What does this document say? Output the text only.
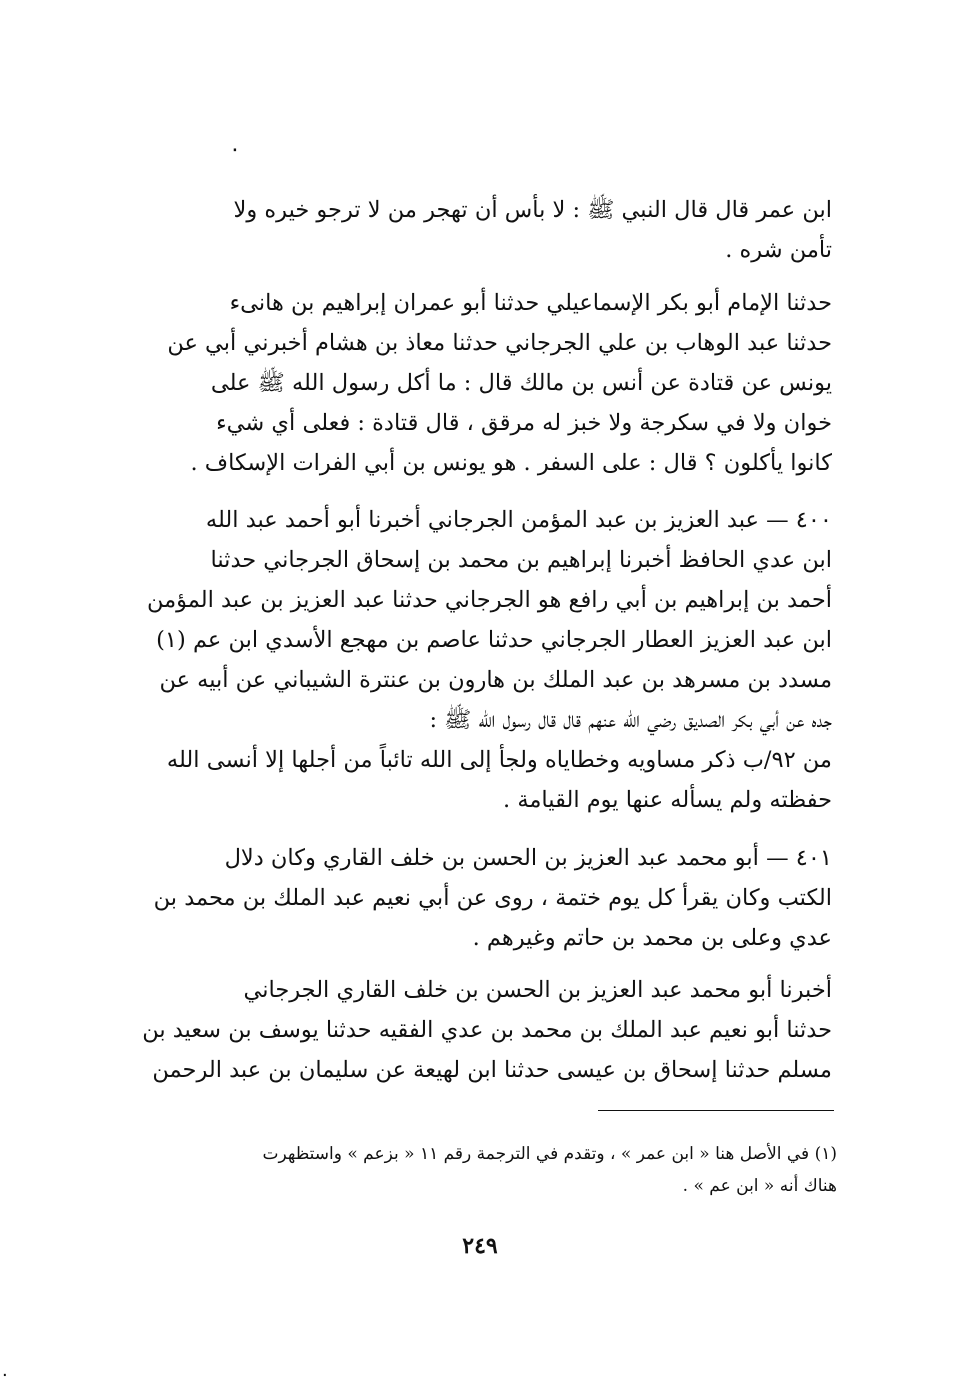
٠
ابن عمر قال قال النبي ﷺ : لا بأس أن تهجر من لا ترجو خيره ولا
تأمن شره .
حدثنا الإمام أبو بكر الإسماعيلي حدثنا أبو عمران إبراهيم بن هانىء
حدثنا عبد الوهاب بن علي الجرجاني حدثنا معاذ بن هشام أخبرني أبي عن
يونس عن قتادة عن أنس بن مالك قال : ما أكل رسول الله ﷺ على
خوان ولا في سكرجة ولا خبز له مرقق ، قال قتادة : فعلى أي شيء
كانوا يأكلون ؟ قال : على السفر . هو يونس بن أبي الفرات الإسكاف .
٤٠٠ — عبد العزيز بن عبد المؤمن الجرجاني أخبرنا أبو أحمد عبد الله
ابن عدي الحافظ أخبرنا إبراهيم بن محمد بن إسحاق الجرجاني حدثنا
أحمد بن إبراهيم بن أبي رافع هو الجرجاني حدثنا عبد العزيز بن عبد المؤمن
ابن عبد العزيز العطار الجرجاني حدثنا عاصم بن مهجع الأسدي ابن عم (١)
مسدد بن مسرهد بن عبد الملك بن هارون بن عنترة الشيباني عن أبيه عن
جده عن أبي بكر الصديق رضي الله عنهم قال قال رسول الله ﷺ :
من ٩٢/ب ذكر مساويه وخطاياه ولجأ إلى الله تائباً من أجلها إلا أنسى الله
حفظته ولم يسأله عنها يوم القيامة .
٤٠١ — أبو محمد عبد العزيز بن الحسن بن خلف القاري وكان دلال
الكتب وكان يقرأ كل يوم ختمة ، روى عن أبي نعيم عبد الملك بن محمد بن
عدي وعلى بن محمد بن حاتم وغيرهم .
أخبرنا أبو محمد عبد العزيز بن الحسن بن خلف القاري الجرجاني
حدثنا أبو نعيم عبد الملك بن محمد بن عدي الفقيه حدثنا يوسف بن سعيد بن
مسلم حدثنا إسحاق بن عيسى حدثنا ابن لهيعة عن سليمان بن عبد الرحمن
(١) في الأصل هنا « ابن عمر » ، وتقدم في الترجمة رقم ١١ « بزعم » واستظهرت
هناك أنه « ابن عم » .
٢٤٩
٠
